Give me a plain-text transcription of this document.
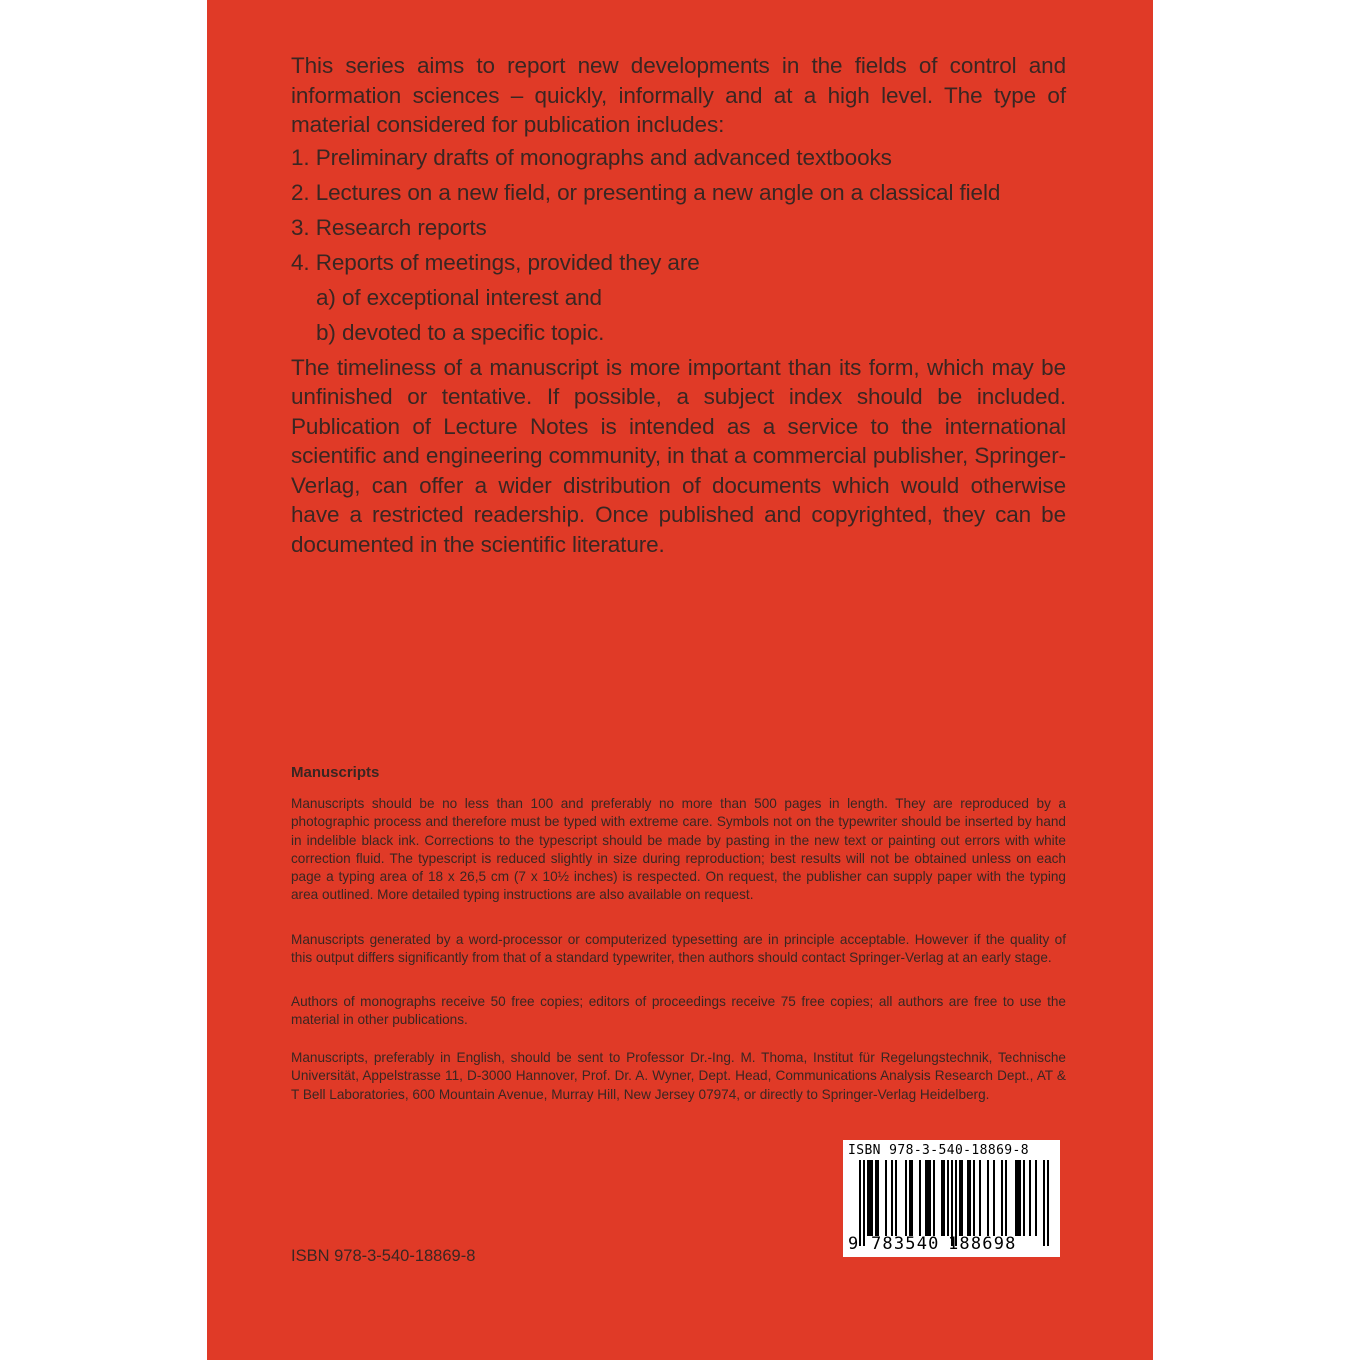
This series aims to report new developments in the fields of control and information sciences – quickly, informally and at a high level. The type of material considered for publication includes:

1. Preliminary drafts of monographs and advanced textbooks
2. Lectures on a new field, or presenting a new angle on a classical field
3. Research reports
4. Reports of meetings, provided they are
a) of exceptional interest and
b) devoted to a specific topic.

The timeliness of a manuscript is more important than its form, which may be unfinished or tentative. If possible, a subject index should be included. Publication of Lecture Notes is intended as a service to the international scientific and engineering community, in that a commercial publisher, Springer-Verlag, can offer a wider distribution of documents which would otherwise have a restricted readership. Once published and copyrighted, they can be documented in the scientific literature.

Manuscripts

Manuscripts should be no less than 100 and preferably no more than 500 pages in length. They are reproduced by a photographic process and therefore must be typed with extreme care. Symbols not on the typewriter should be inserted by hand in indelible black ink. Corrections to the typescript should be made by pasting in the new text or painting out errors with white correction fluid. The typescript is reduced slightly in size during reproduction; best results will not be obtained unless on each page a typing area of 18 x 26,5 cm (7 x 10½ inches) is respected. On request, the publisher can supply paper with the typing area outlined. More detailed typing instructions are also available on request.

Manuscripts generated by a word-processor or computerized typesetting are in principle acceptable. However if the quality of this output differs significantly from that of a standard typewriter, then authors should contact Springer-Verlag at an early stage.

Authors of monographs receive 50 free copies; editors of proceedings receive 75 free copies; all authors are free to use the material in other publications.

Manuscripts, preferably in English, should be sent to Professor Dr.-Ing. M. Thoma, Institut für Regelungstechnik, Technische Universität, Appelstrasse 11, D-3000 Hannover, Prof. Dr. A. Wyner, Dept. Head, Communications Analysis Research Dept., AT & T Bell Laboratories, 600 Mountain Avenue, Murray Hill, New Jersey 07974, or directly to Springer-Verlag Heidelberg.

ISBN 978-3-540-18869-8
ISBN 978-3-540-18869-8
9 783540 188698
